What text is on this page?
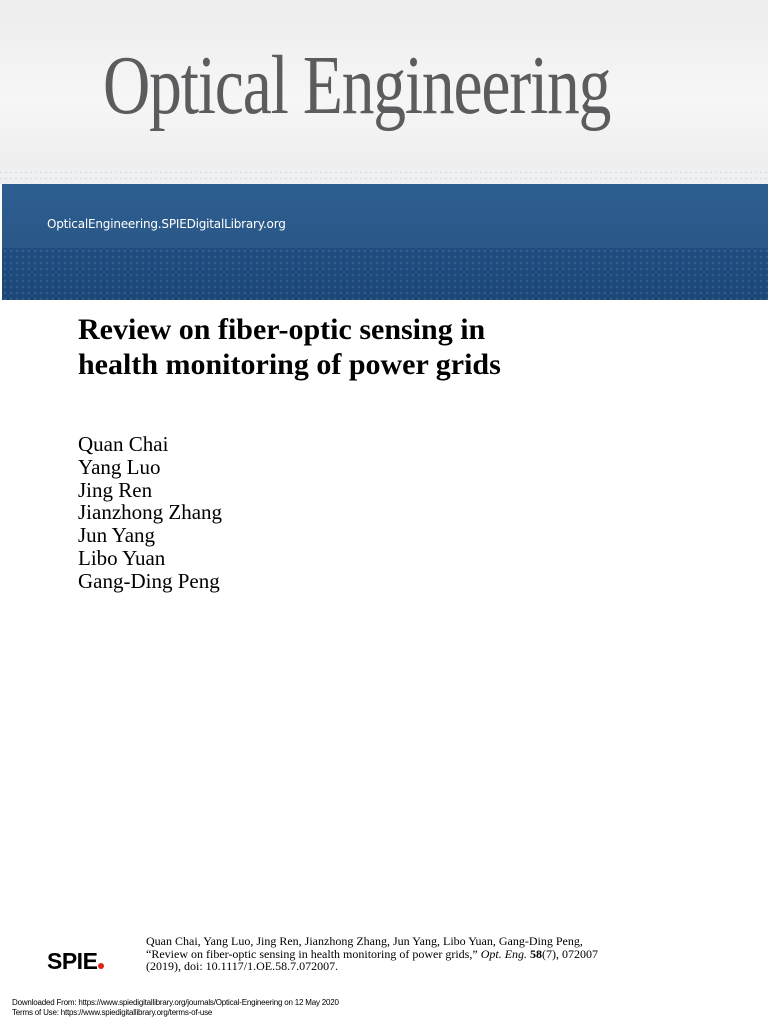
Optical Engineering
OpticalEngineering.SPIEDigitalLibrary.org
Review on fiber-optic sensing in
health monitoring of power grids
Quan Chai
Yang Luo
Jing Ren
Jianzhong Zhang
Jun Yang
Libo Yuan
Gang-Ding Peng
SPIE
Quan Chai, Yang Luo, Jing Ren, Jianzhong Zhang, Jun Yang, Libo Yuan, Gang-Ding Peng,
“Review on fiber-optic sensing in health monitoring of power grids,” Opt. Eng. 58(7), 072007 (2019), doi: 10.1117/1.OE.58.7.072007.
Downloaded From: https://www.spiedigitallibrary.org/journals/Optical-Engineering on 12 May 2020
Terms of Use: https://www.spiedigitallibrary.org/terms-of-use
